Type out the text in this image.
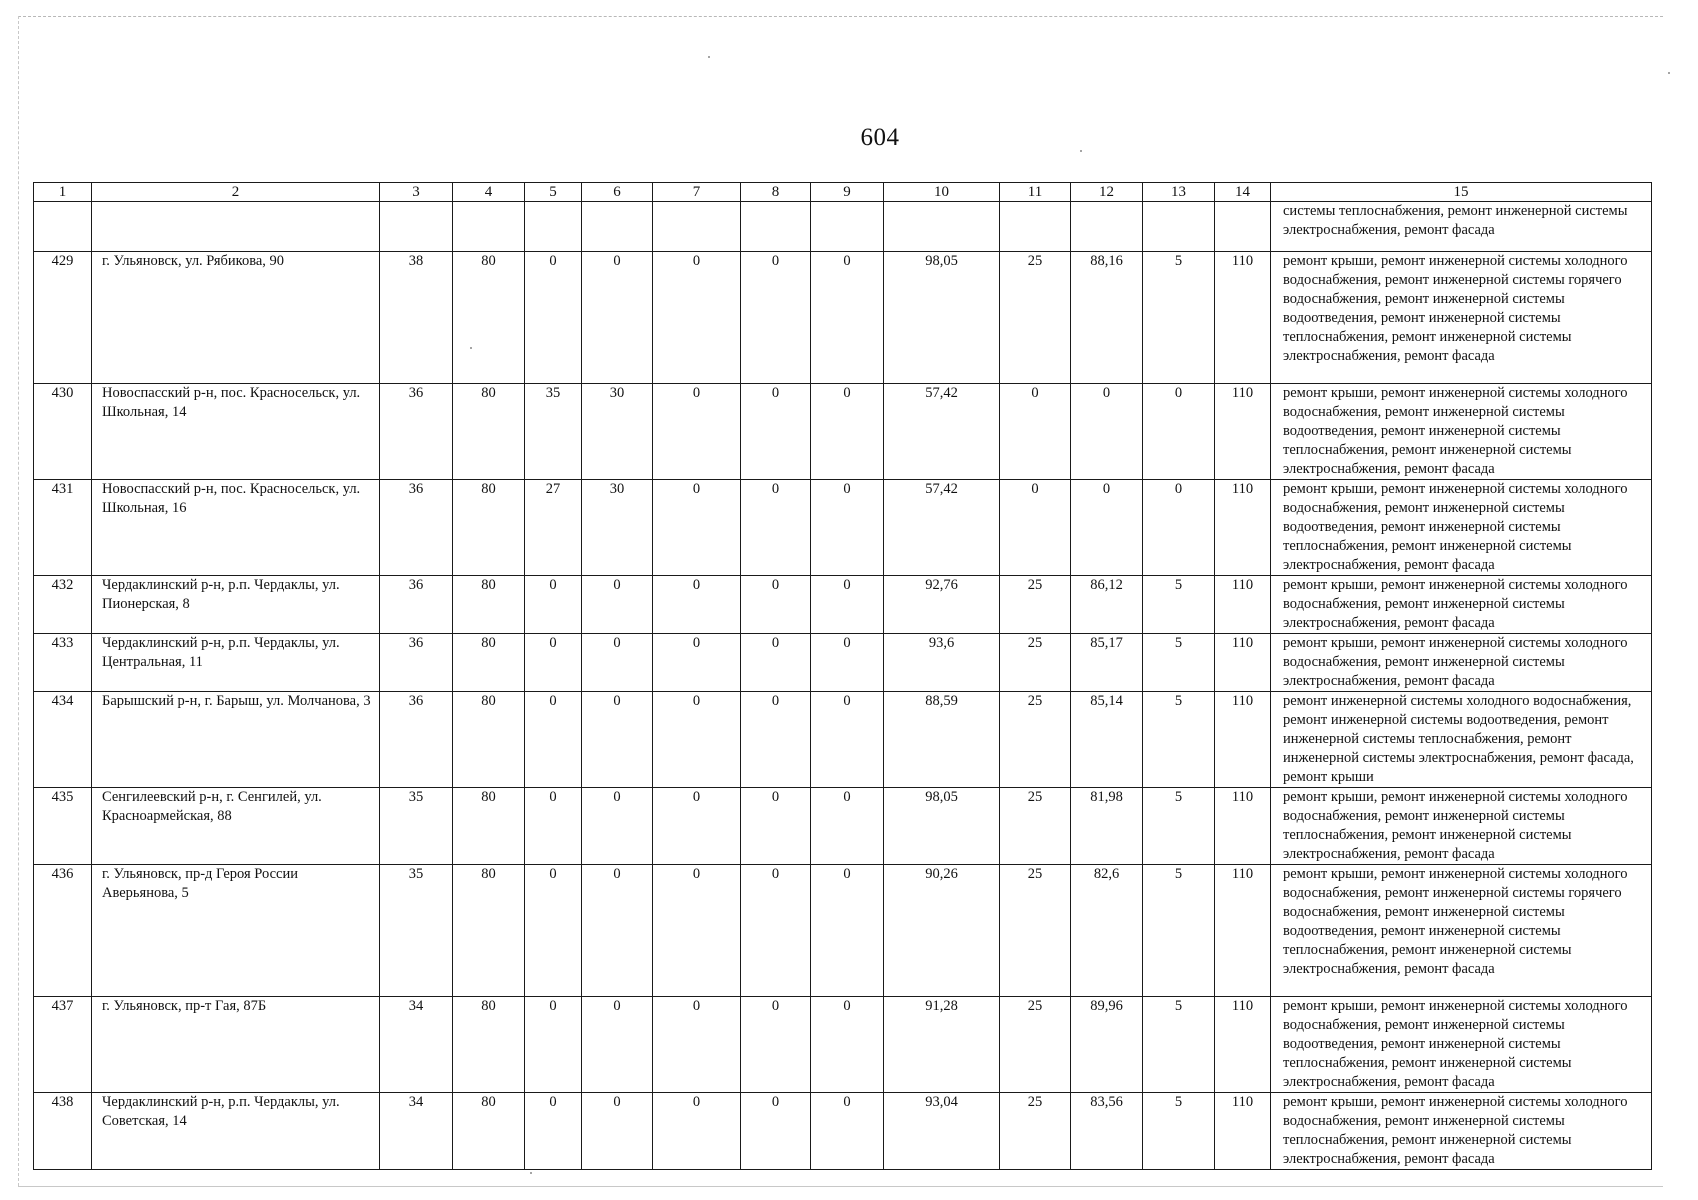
604
1	2	3	4	5	6	7	8	9	10	11	12	13	14	15
														системы теплоснабжения, ремонт инженерной системы электроснабжения, ремонт фасада
429	г. Ульяновск, ул. Рябикова, 90	38	80	0	0	0	0	0	98,05	25	88,16	5	110	ремонт крыши, ремонт инженерной системы холодного водоснабжения, ремонт инженерной системы горячего водоснабжения, ремонт инженерной системы водоотведения, ремонт инженерной системы теплоснабжения, ремонт инженерной системы электроснабжения, ремонт фасада
430	Новоспасский р-н, пос. Красносельск, ул. Школьная, 14	36	80	35	30	0	0	0	57,42	0	0	0	110	ремонт крыши, ремонт инженерной системы холодного водоснабжения, ремонт инженерной системы водоотведения, ремонт инженерной системы теплоснабжения, ремонт инженерной системы электроснабжения, ремонт фасада
431	Новоспасский р-н, пос. Красносельск, ул. Школьная, 16	36	80	27	30	0	0	0	57,42	0	0	0	110	ремонт крыши, ремонт инженерной системы холодного водоснабжения, ремонт инженерной системы водоотведения, ремонт инженерной системы теплоснабжения, ремонт инженерной системы электроснабжения, ремонт фасада
432	Чердаклинский р-н, р.п. Чердаклы, ул. Пионерская, 8	36	80	0	0	0	0	0	92,76	25	86,12	5	110	ремонт крыши, ремонт инженерной системы холодного водоснабжения, ремонт инженерной системы электроснабжения, ремонт фасада
433	Чердаклинский р-н, р.п. Чердаклы, ул. Центральная, 11	36	80	0	0	0	0	0	93,6	25	85,17	5	110	ремонт крыши, ремонт инженерной системы холодного водоснабжения, ремонт инженерной системы электроснабжения, ремонт фасада
434	Барышский р-н, г. Барыш, ул. Молчанова, 3	36	80	0	0	0	0	0	88,59	25	85,14	5	110	ремонт инженерной системы холодного водоснабжения, ремонт инженерной системы водоотведения, ремонт инженерной системы теплоснабжения, ремонт инженерной системы электроснабжения, ремонт фасада, ремонт крыши
435	Сенгилеевский р-н, г. Сенгилей, ул. Красноармейская, 88	35	80	0	0	0	0	0	98,05	25	81,98	5	110	ремонт крыши, ремонт инженерной системы холодного водоснабжения, ремонт инженерной системы теплоснабжения, ремонт инженерной системы электроснабжения, ремонт фасада
436	г. Ульяновск, пр-д Героя России Аверьянова, 5	35	80	0	0	0	0	0	90,26	25	82,6	5	110	ремонт крыши, ремонт инженерной системы холодного водоснабжения, ремонт инженерной системы горячего водоснабжения, ремонт инженерной системы водоотведения, ремонт инженерной системы теплоснабжения, ремонт инженерной системы электроснабжения, ремонт фасада
437	г. Ульяновск, пр-т Гая, 87Б	34	80	0	0	0	0	0	91,28	25	89,96	5	110	ремонт крыши, ремонт инженерной системы холодного водоснабжения, ремонт инженерной системы водоотведения, ремонт инженерной системы теплоснабжения, ремонт инженерной системы электроснабжения, ремонт фасада
438	Чердаклинский р-н, р.п. Чердаклы, ул. Советская, 14	34	80	0	0	0	0	0	93,04	25	83,56	5	110	ремонт крыши, ремонт инженерной системы холодного водоснабжения, ремонт инженерной системы теплоснабжения, ремонт инженерной системы электроснабжения, ремонт фасада
